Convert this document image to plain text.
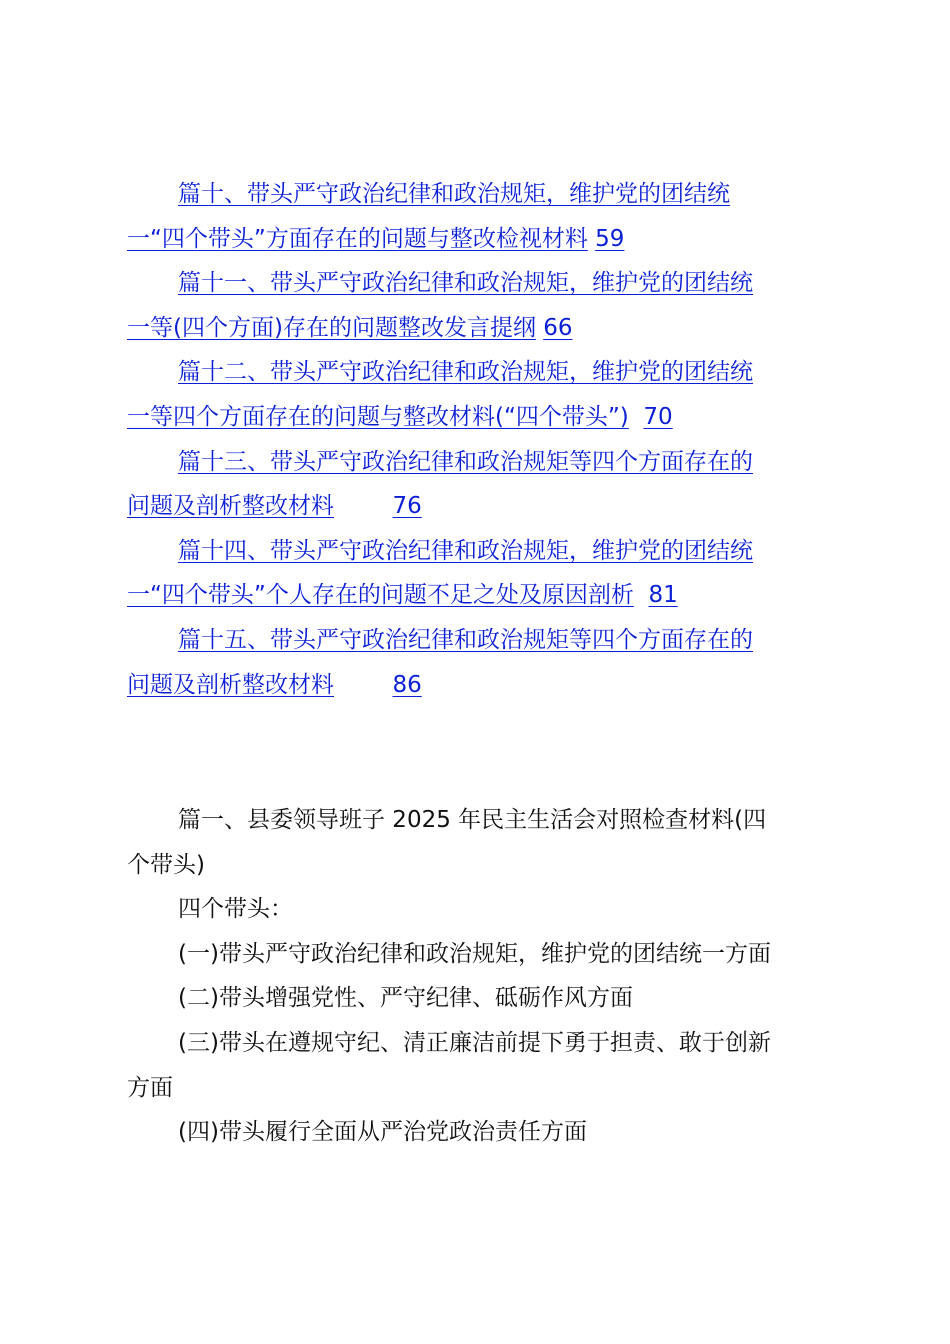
篇十、带头严守政治纪律和政治规矩，维护党的团结统
一“四个带头”方面存在的问题与整改检视材料 59
篇十一、带头严守政治纪律和政治规矩，维护党的团结统
一等(四个方面)存在的问题整改发言提纲 66
篇十二、带头严守政治纪律和政治规矩，维护党的团结统
一等四个方面存在的问题与整改材料(“四个带头”) 70
篇十三、带头严守政治纪律和政治规矩等四个方面存在的
问题及剖析整改材料	76
篇十四、带头严守政治纪律和政治规矩，维护党的团结统
一“四个带头”个人存在的问题不足之处及原因剖析 81
篇十五、带头严守政治纪律和政治规矩等四个方面存在的
问题及剖析整改材料	86

篇一、县委领导班子 2025 年民主生活会对照检查材料(四

个带头)

四个带头：

(一)带头严守政治纪律和政治规矩，维护党的团结统一方面

(二)带头增强党性、严守纪律、砥砺作风方面

(三)带头在遵规守纪、清正廉洁前提下勇于担责、敢于创新

方面

(四)带头履行全面从严治党政治责任方面
